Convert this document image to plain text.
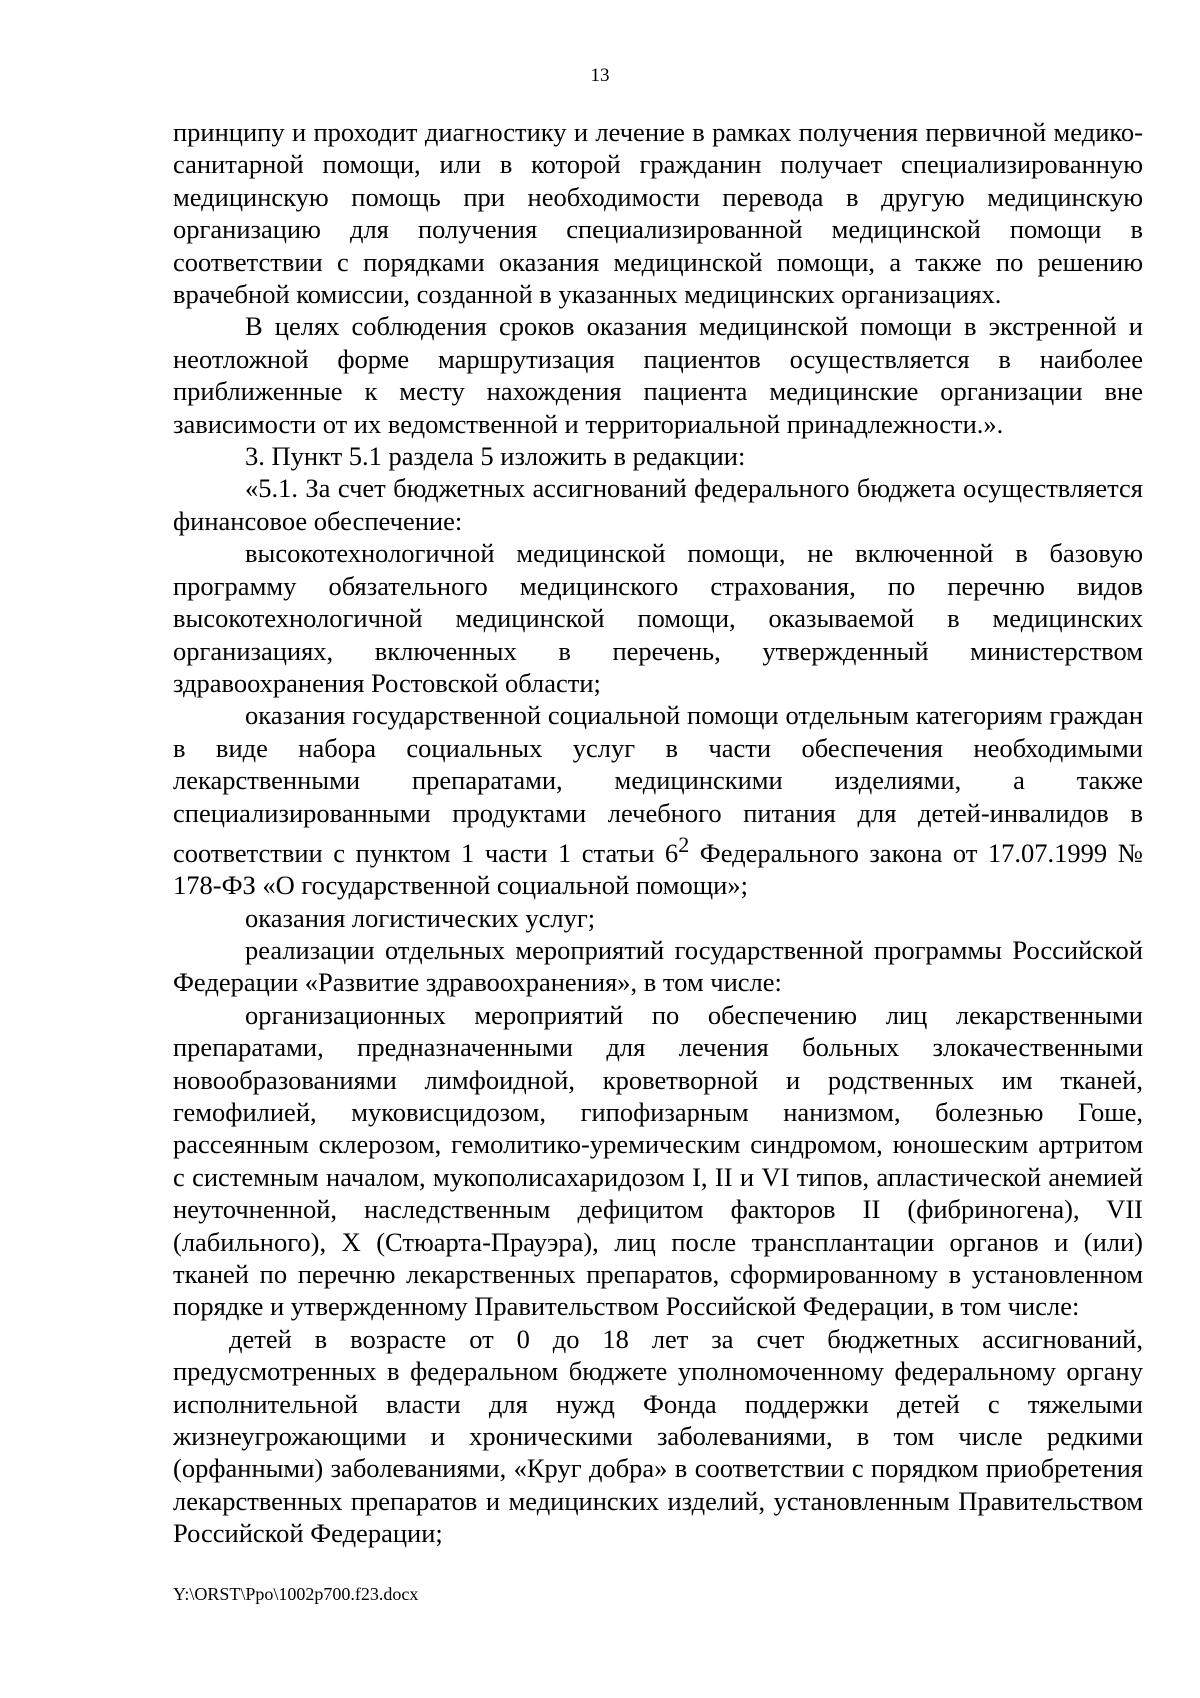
13

принципу и проходит диагностику и лечение в рамках получения первичной медико-санитарной помощи, или в которой гражданин получает специализированную медицинскую помощь при необходимости перевода в другую медицинскую организацию для получения специализированной медицинской помощи в соответствии с порядками оказания медицинской помощи, а также по решению врачебной комиссии, созданной в указанных медицинских организациях.

В целях соблюдения сроков оказания медицинской помощи в экстренной и неотложной форме маршрутизация пациентов осуществляется в наиболее приближенные к месту нахождения пациента медицинские организации вне зависимости от их ведомственной и территориальной принадлежности.».

3. Пункт 5.1 раздела 5 изложить в редакции:

«5.1. За счет бюджетных ассигнований федерального бюджета осуществляется финансовое обеспечение:

высокотехнологичной медицинской помощи, не включенной в базовую программу обязательного медицинского страхования, по перечню видов высокотехнологичной медицинской помощи, оказываемой в медицинских организациях, включенных в перечень, утвержденный министерством здравоохранения Ростовской области;

оказания государственной социальной помощи отдельным категориям граждан в виде набора социальных услуг в части обеспечения необходимыми лекарственными препаратами, медицинскими изделиями, а также специализированными продуктами лечебного питания для детей-инвалидов в соответствии с пунктом 1 части 1 статьи $6^2$ Федерального закона от 17.07.1999 № 178-ФЗ «О государственной социальной помощи»;

оказания логистических услуг;

реализации отдельных мероприятий государственной программы Российской Федерации «Развитие здравоохранения», в том числе:

организационных мероприятий по обеспечению лиц лекарственными препаратами, предназначенными для лечения больных злокачественными новообразованиями лимфоидной, кроветворной и родственных им тканей, гемофилией, муковисцидозом, гипофизарным нанизмом, болезнью Гоше, рассеянным склерозом, гемолитико-уремическим синдромом, юношеским артритом с системным началом, мукополисахаридозом I, II и VI типов, апластической анемией неуточненной, наследственным дефицитом факторов II (фибриногена), VII (лабильного), X (Стюарта-Прауэра), лиц после трансплантации органов и (или) тканей по перечню лекарственных препаратов, сформированному в установленном порядке и утвержденному Правительством Российской Федерации, в том числе:

детей в возрасте от 0 до 18 лет за счет бюджетных ассигнований, предусмотренных в федеральном бюджете уполномоченному федеральному органу исполнительной власти для нужд Фонда поддержки детей с тяжелыми жизнеугрожающими и хроническими заболеваниями, в том числе редкими (орфанными) заболеваниями, «Круг добра» в соответствии с порядком приобретения лекарственных препаратов и медицинских изделий, установленным Правительством Российской Федерации;

Y:\ORST\Ppo\1002p700.f23.docx
